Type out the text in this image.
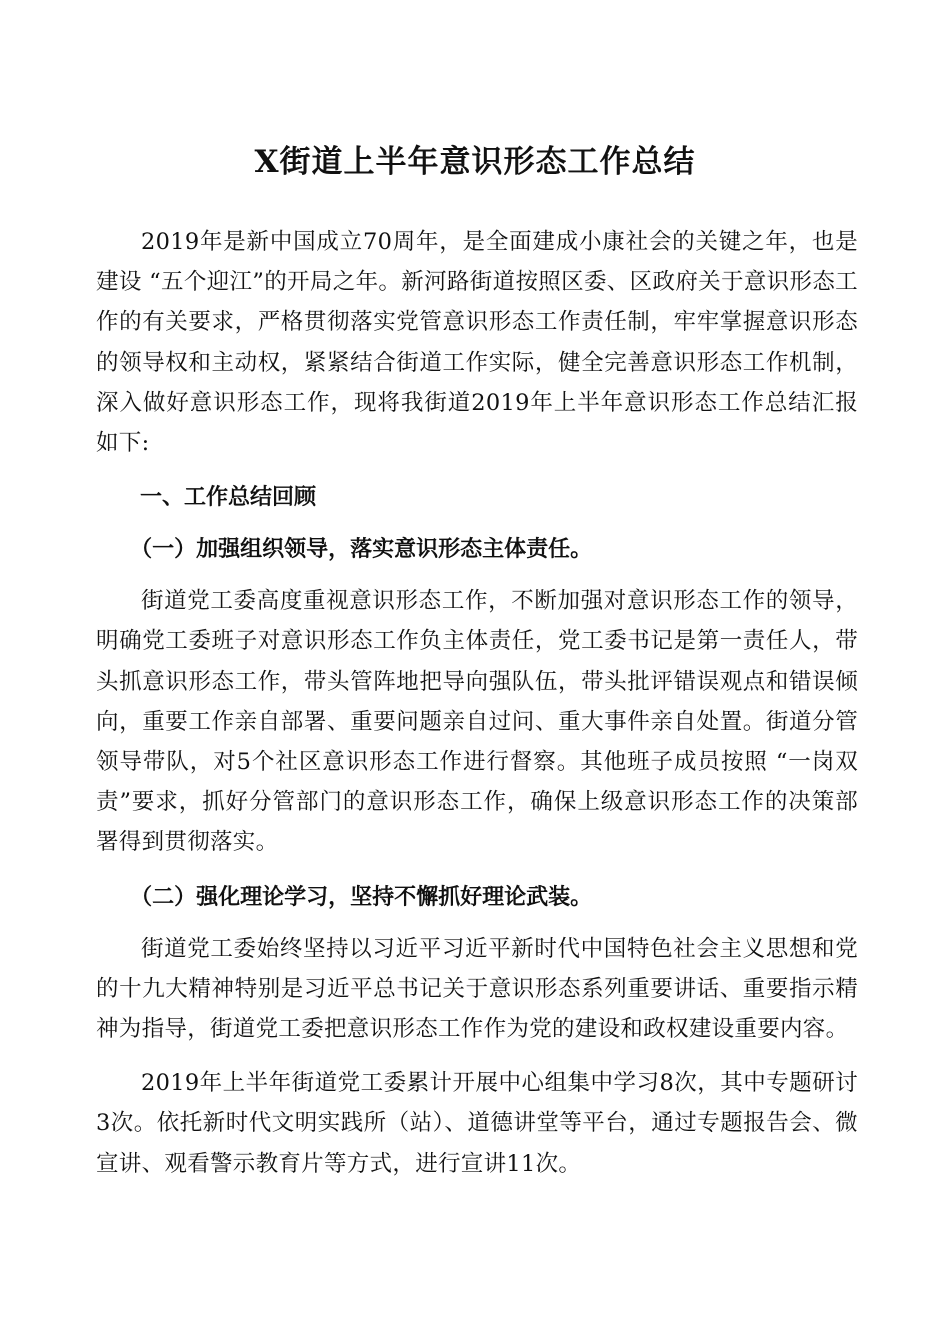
X街道上半年意识形态工作总结

2019年是新中国成立70周年，是全面建成小康社会的关键之年，也是建设 “五个迎江”的开局之年。新河路街道按照区委、区政府关于意识形态工作的有关要求，严格贯彻落实党管意识形态工作责任制，牢牢掌握意识形态的领导权和主动权，紧紧结合街道工作实际，健全完善意识形态工作机制，深入做好意识形态工作，现将我街道2019年上半年意识形态工作总结汇报如下:

一、工作总结回顾

（一）加强组织领导，落实意识形态主体责任。

街道党工委高度重视意识形态工作，不断加强对意识形态工作的领导，明确党工委班子对意识形态工作负主体责任，党工委书记是第一责任人，带头抓意识形态工作，带头管阵地把导向强队伍，带头批评错误观点和错误倾向，重要工作亲自部署、重要问题亲自过问、重大事件亲自处置。街道分管领导带队，对5个社区意识形态工作进行督察。其他班子成员按照 “一岗双责”要求，抓好分管部门的意识形态工作，确保上级意识形态工作的决策部署得到贯彻落实。

（二）强化理论学习，坚持不懈抓好理论武装。

街道党工委始终坚持以习近平习近平新时代中国特色社会主义思想和党的十九大精神特别是习近平总书记关于意识形态系列重要讲话、重要指示精神为指导，街道党工委把意识形态工作作为党的建设和政权建设重要内容。

2019年上半年街道党工委累计开展中心组集中学习8次，其中专题研讨3次。依托新时代文明实践所（站）、道德讲堂等平台，通过专题报告会、微宣讲、观看警示教育片等方式，进行宣讲11次。
